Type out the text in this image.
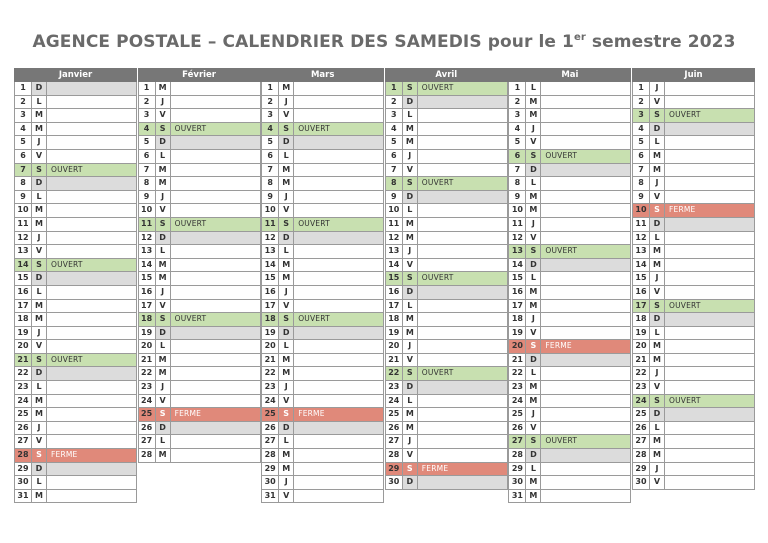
AGENCE POSTALE – CALENDRIER DES SAMEDIS pour le 1er semestre 2023
Janvier
1	D
2	L
3	M
4	M
5	J
6	V
7	S	OUVERT
8	D
9	L
10 M
11 M
12	J
13 V
14 S	OUVERT
15 D
16 L
17 M
18 M
19	J
20 V
21 S	OUVERT
22 D
23 L
24 M
25 M
26	J
27 V
28 S	FERME
29 D
30 L
31 M
Février
1	M
2	J
3	V
4	S	OUVERT
5	D
6	L
7	M
8	M
9	J
10 V
11 S	OUVERT
12 D
13 L
14 M
15 M
16	J
17 V
18 S	OUVERT
19 D
20 L
21 M
22 M
23	J
24 V
25 S	FERME
26 D
27 L
28 M
Mars
1	M
2	J
3	V
4	S	OUVERT
5	D
6	L
7	M
8	M
9	J
10 V
11 S	OUVERT
12 D
13 L
14 M
15 M
16	J
17 V
18 S	OUVERT
19 D
20 L
21 M
22 M
23	J
24 V
25 S	FERME
26 D
27 L
28 M
29 M
30	J
31 V
Avril
1	S	OUVERT
2	D
3	L
4	M
5	M
6	J
7	V
8	S	OUVERT
9	D
10 L
11 M
12 M
13	J
14 V
15 S	OUVERT
16 D
17 L
18 M
19 M
20	J
21 V
22 S	OUVERT
23 D
24 L
25 M
26 M
27	J
28 V
29 S	FERME
30 D
Mai
1	L
2	M
3	M
4	J
5	V
6	S	OUVERT
7	D
8	L
9	M
10 M
11	J
12 V
13 S	OUVERT
14 D
15 L
16 M
17 M
18	J
19 V
20 S	FERME
21 D
22 L
23 M
24 M
25	J
26 V
27 S	OUVERT
28 D
29 L
30 M
31 M
Juin
1	J
2	V
3	S	OUVERT
4	D
5	L
6	M
7	M
8	J
9	V
10 S	FERME
11 D
12 L
13 M
14 M
15	J
16 V
17 S	OUVERT
18 D
19 L
20 M
21 M
22	J
23 V
24 S	OUVERT
25 D
26 L
27 M
28 M
29	J
30 V
